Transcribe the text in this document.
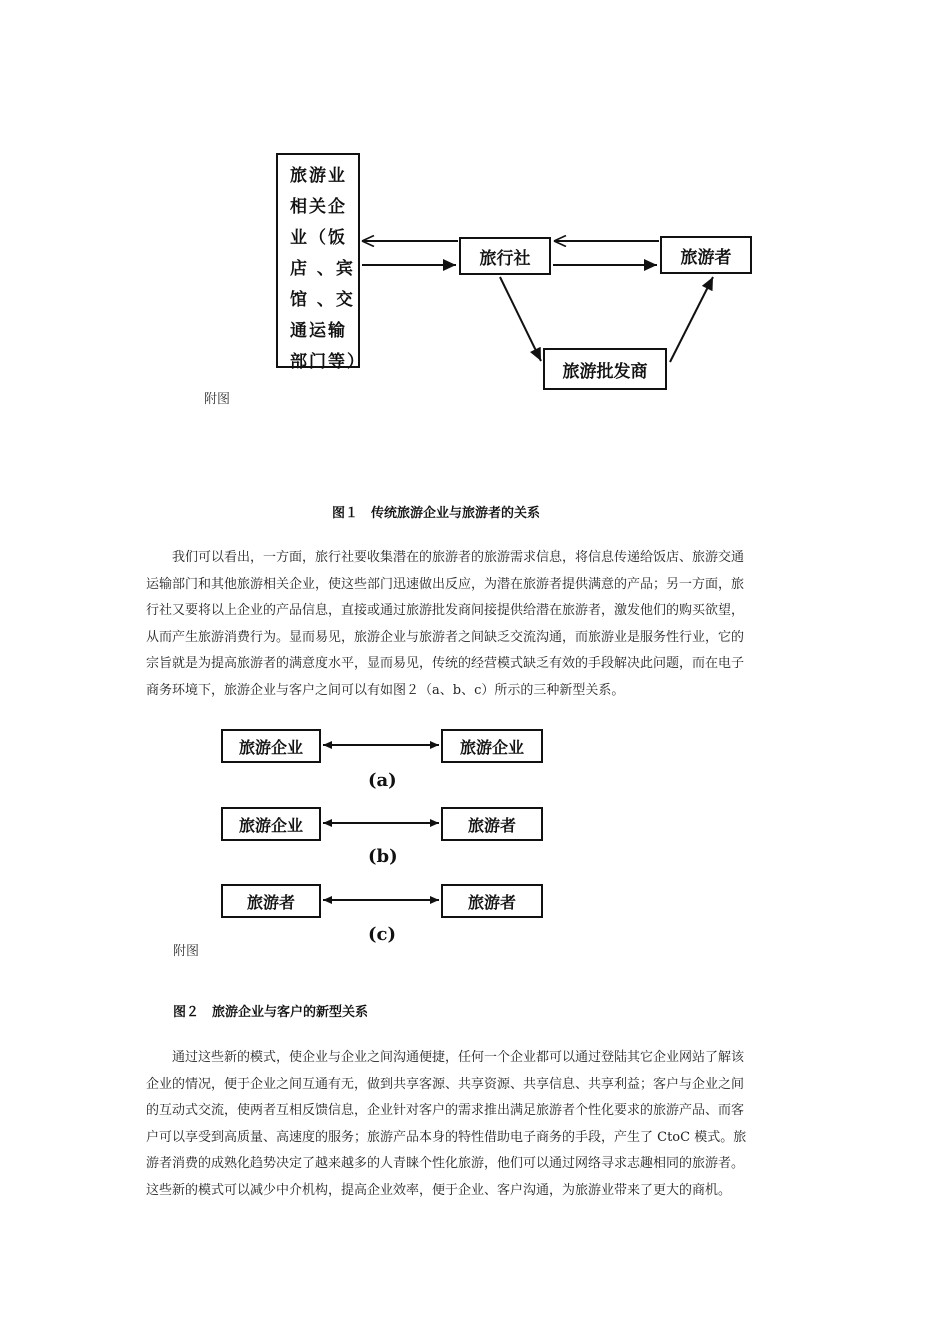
旅游业
相关企
业（饭
店 、宾
馆 、交
通运输
部门等）
旅行社	旅游者
旅游批发商
附图
图１　传统旅游企业与旅游者的关系
我们可以看出，一方面，旅行社要收集潜在的旅游者的旅游需求信息，将信息传递给饭店、旅游交通
运输部门和其他旅游相关企业，使这些部门迅速做出反应，为潜在旅游者提供满意的产品；另一方面，旅
行社又要将以上企业的产品信息，直接或通过旅游批发商间接提供给潜在旅游者，激发他们的购买欲望，
从而产生旅游消费行为。显而易见，旅游企业与旅游者之间缺乏交流沟通，而旅游业是服务性行业，它的
宗旨就是为提高旅游者的满意度水平，显而易见，传统的经营模式缺乏有效的手段解决此问题，而在电子
商务环境下，旅游企业与客户之间可以有如图２（a、b、c）所示的三种新型关系。
旅游企业	旅游企业
(a)
旅游企业	旅游者
(b)
旅游者	旅游者
(c)
附图
图２　旅游企业与客户的新型关系
通过这些新的模式，使企业与企业之间沟通便捷，任何一个企业都可以通过登陆其它企业网站了解该
企业的情况，便于企业之间互通有无，做到共享客源、共享资源、共享信息、共享利益；客户与企业之间
的互动式交流，使两者互相反馈信息，企业针对客户的需求推出满足旅游者个性化要求的旅游产品、而客
户可以享受到高质量、高速度的服务；旅游产品本身的特性借助电子商务的手段，产生了 CtoC 模式。旅
游者消费的成熟化趋势决定了越来越多的人青睐个性化旅游，他们可以通过网络寻求志趣相同的旅游者。
这些新的模式可以减少中介机构，提高企业效率，便于企业、客户沟通，为旅游业带来了更大的商机。
